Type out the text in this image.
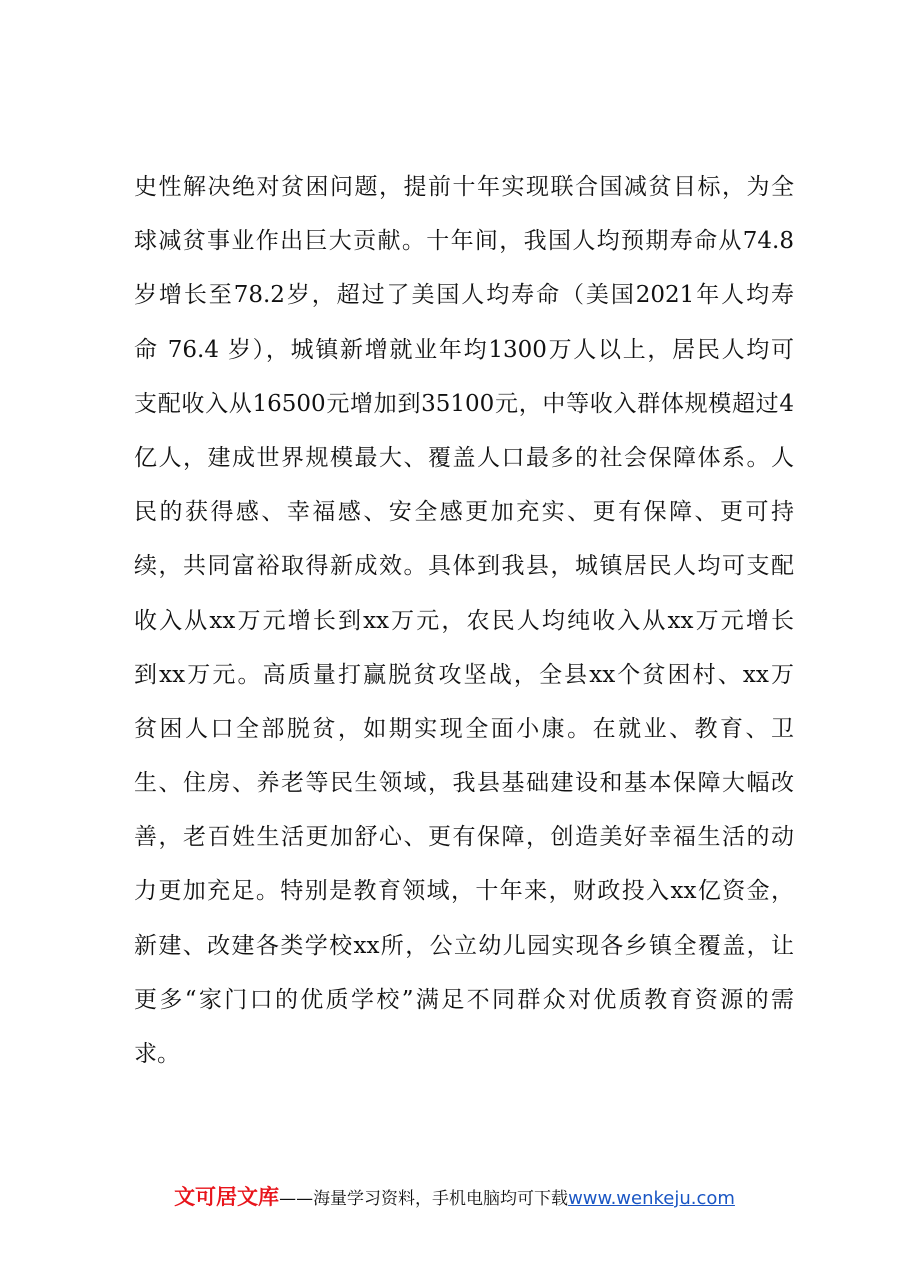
史性解决绝对贫困问题，提前十年实现联合国减贫目标，为全
球减贫事业作出巨大贡献。十年间，我国人均预期寿命从74.8
岁增长至78.2岁，超过了美国人均寿命（美国2021年人均寿
命 76.4 岁），城镇新增就业年均1300万人以上，居民人均可
支配收入从16500元增加到35100元，中等收入群体规模超过4
亿人，建成世界规模最大、覆盖人口最多的社会保障体系。人
民的获得感、幸福感、安全感更加充实、更有保障、更可持
续，共同富裕取得新成效。具体到我县，城镇居民人均可支配
收入从xx万元增长到xx万元，农民人均纯收入从xx万元增长
到xx万元。高质量打赢脱贫攻坚战，全县xx个贫困村、xx万
贫困人口全部脱贫，如期实现全面小康。在就业、教育、卫
生、住房、养老等民生领域，我县基础建设和基本保障大幅改
善，老百姓生活更加舒心、更有保障，创造美好幸福生活的动
力更加充足。特别是教育领域，十年来，财政投入xx亿资金，
新建、改建各类学校xx所，公立幼儿园实现各乡镇全覆盖，让
更多“家门口的优质学校”满足不同群众对优质教育资源的需
求。
文可居文库——海量学习资料，手机电脑均可下载www.wenkeju.com
